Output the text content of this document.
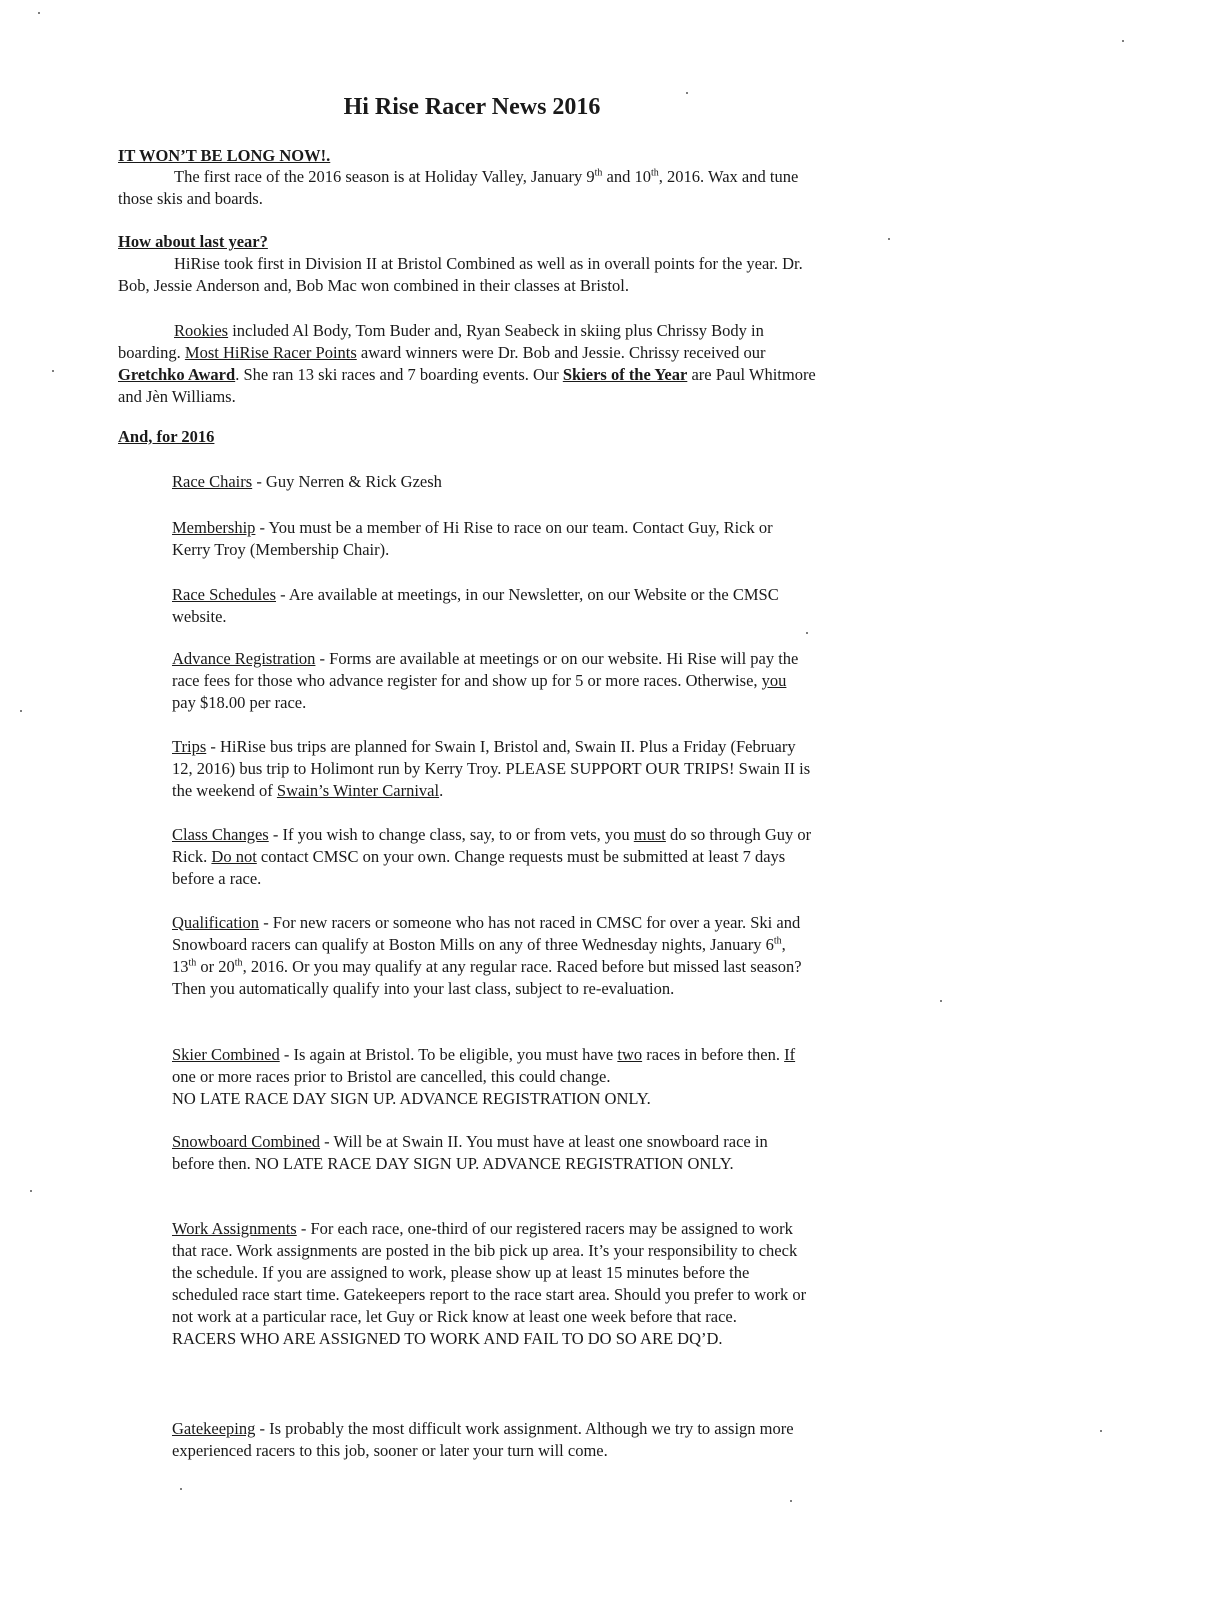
Hi Rise Racer News 2016

IT WON’T BE LONG NOW!.

The first race of the 2016 season is at Holiday Valley, January 9th and 10th, 2016. Wax and tune those skis and boards.

How about last year?

HiRise took first in Division II at Bristol Combined as well as in overall points for the year. Dr. Bob, Jessie Anderson and, Bob Mac won combined in their classes at Bristol.

Rookies included Al Body, Tom Buder and, Ryan Seabeck in skiing plus Chrissy Body in boarding. Most HiRise Racer Points award winners were Dr. Bob and Jessie. Chrissy received our Gretchko Award. She ran 13 ski races and 7 boarding events. Our Skiers of the Year are Paul Whitmore and Jèn Williams.

And, for 2016

Race Chairs - Guy Nerren & Rick Gzesh

Membership - You must be a member of Hi Rise to race on our team. Contact Guy, Rick or Kerry Troy (Membership Chair).

Race Schedules - Are available at meetings, in our Newsletter, on our Website or the CMSC website.

Advance Registration - Forms are available at meetings or on our website. Hi Rise will pay the race fees for those who advance register for and show up for 5 or more races. Otherwise, you pay $18.00 per race.

Trips - HiRise bus trips are planned for Swain I, Bristol and, Swain II. Plus a Friday (February 12, 2016) bus trip to Holimont run by Kerry Troy. PLEASE SUPPORT OUR TRIPS! Swain II is the weekend of Swain’s Winter Carnival.

Class Changes - If you wish to change class, say, to or from vets, you must do so through Guy or Rick. Do not contact CMSC on your own. Change requests must be submitted at least 7 days before a race.

Qualification - For new racers or someone who has not raced in CMSC for over a year. Ski and Snowboard racers can qualify at Boston Mills on any of three Wednesday nights, January 6th, 13th or 20th, 2016. Or you may qualify at any regular race. Raced before but missed last season? Then you automatically qualify into your last class, subject to re-evaluation.

Skier Combined - Is again at Bristol. To be eligible, you must have two races in before then. If one or more races prior to Bristol are cancelled, this could change.
NO LATE RACE DAY SIGN UP. ADVANCE REGISTRATION ONLY.

Snowboard Combined - Will be at Swain II. You must have at least one snowboard race in before then. NO LATE RACE DAY SIGN UP. ADVANCE REGISTRATION ONLY.

Work Assignments - For each race, one-third of our registered racers may be assigned to work that race. Work assignments are posted in the bib pick up area. It’s your responsibility to check the schedule. If you are assigned to work, please show up at least 15 minutes before the scheduled race start time. Gatekeepers report to the race start area. Should you prefer to work or not work at a particular race, let Guy or Rick know at least one week before that race.
RACERS WHO ARE ASSIGNED TO WORK AND FAIL TO DO SO ARE DQ’D.

Gatekeeping - Is probably the most difficult work assignment. Although we try to assign more experienced racers to this job, sooner or later your turn will come.
